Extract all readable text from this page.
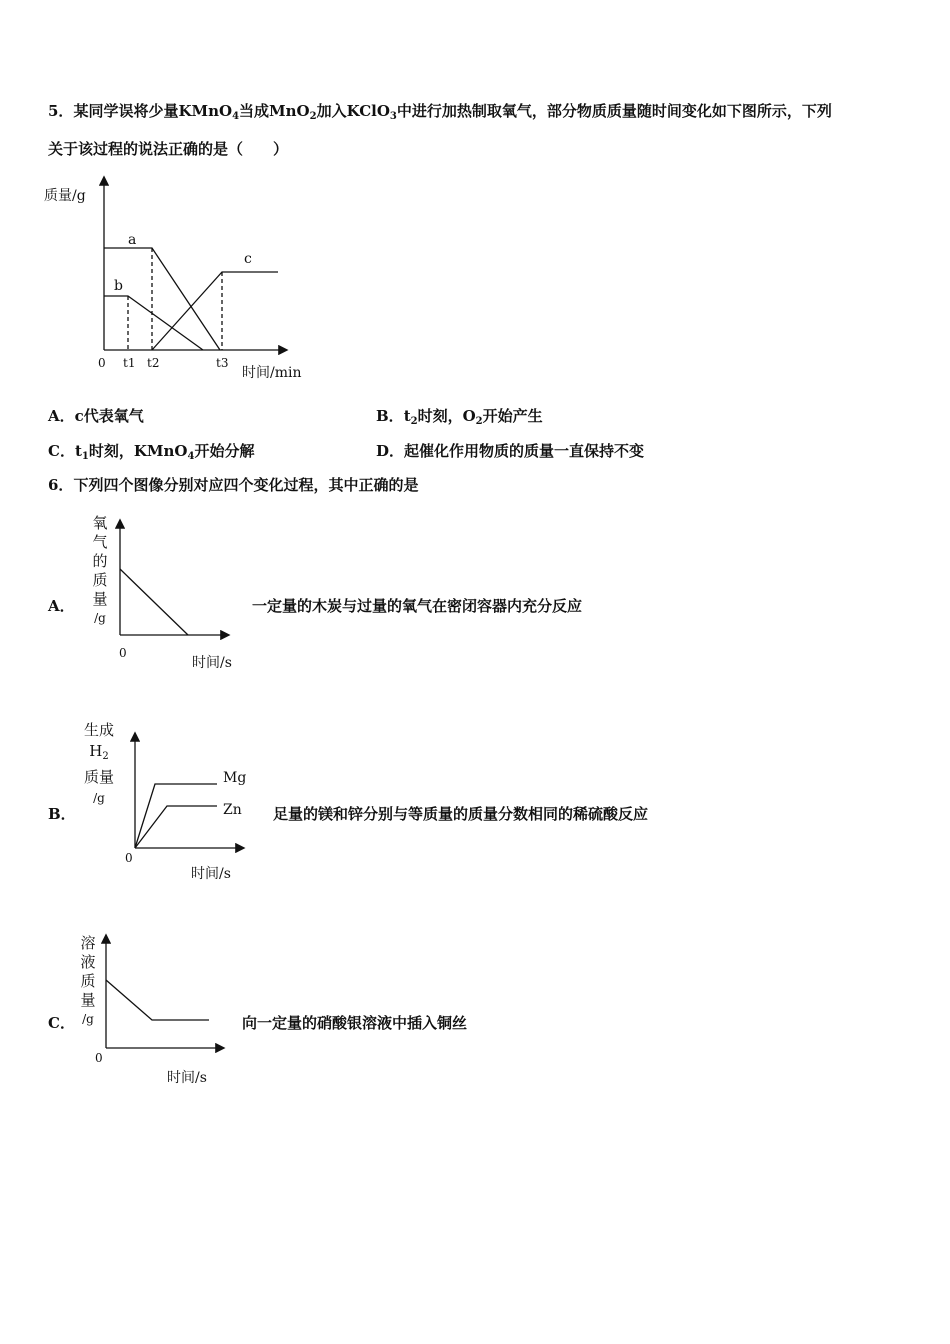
5．某同学误将少量KMnO$_4$当成MnO$_2$加入KClO$_3$中进行加热制取氧气，部分物质质量随时间变化如下图所示，下列
关于该过程的说法正确的是（　　）
质量/g
a
b
c
0 t1 t2	t3
时间/min
A．c代表氧气	B．$t_2$时刻，$O_2$开始产生
C．$t_1$时刻，KMnO$_4$开始分解	D．起催化作用物质的质量一直保持不变
6．下列四个图像分别对应四个变化过程，其中正确的是
A．
氧
气
的
质
量
/g
0
时间/s
一定量的木炭与过量的氧气在密闭容器内充分反应
B．
生成
$H_2$
质量
/g
Mg
Zn
0
时间/s
足量的镁和锌分别与等质量的质量分数相同的稀硫酸反应
C．
溶
液
质
量
/g
0
时间/s
向一定量的硝酸银溶液中插入铜丝
